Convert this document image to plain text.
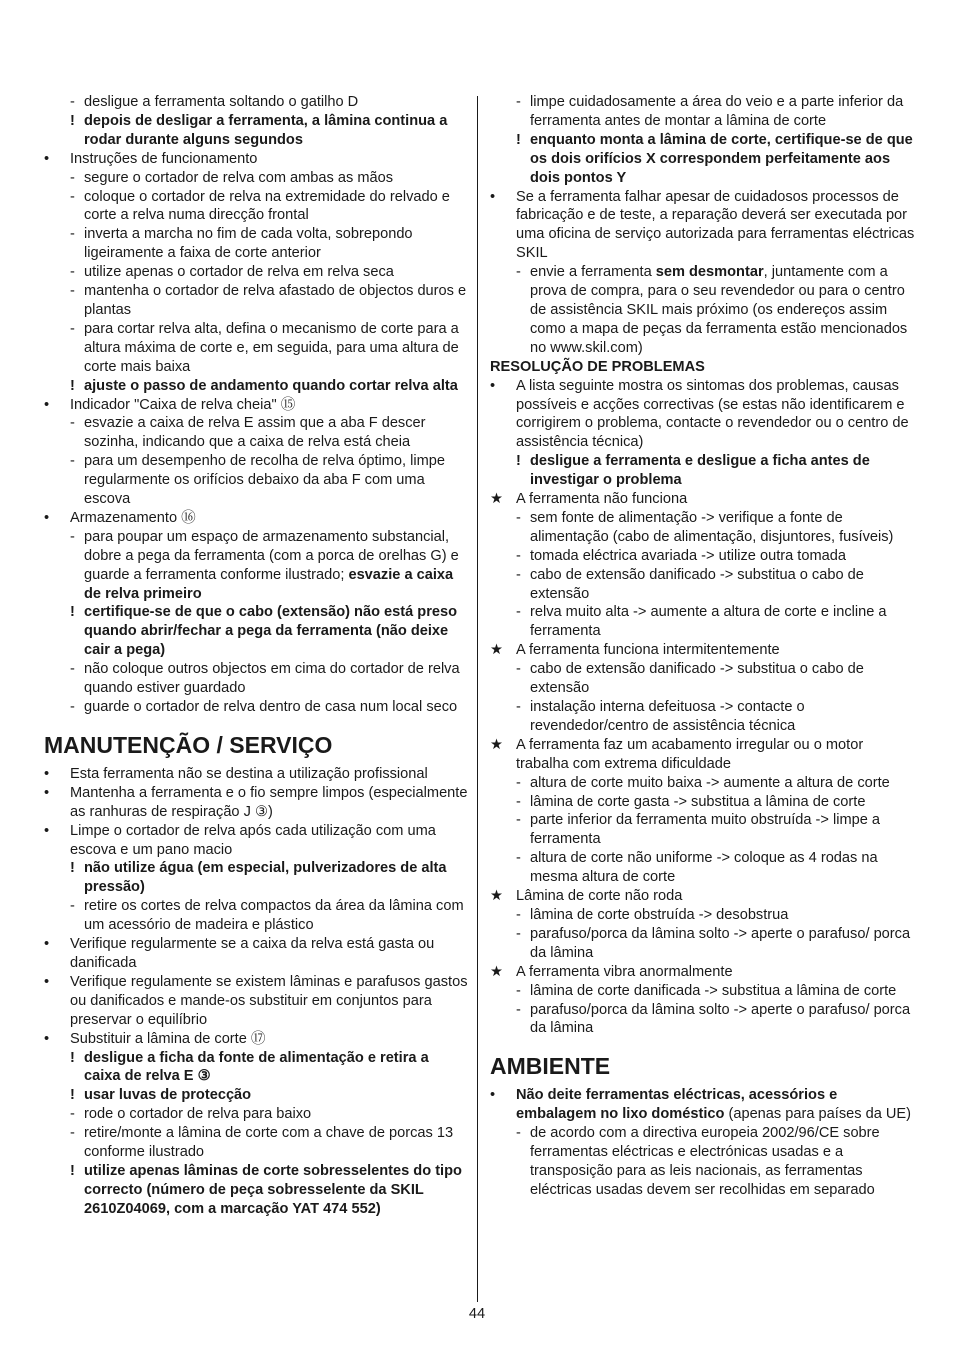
- desligue a ferramenta soltando o gatilho D
! depois de desligar a ferramenta, a lâmina continua a rodar durante alguns segundos
• Instruções de funcionamento
- segure o cortador de relva com ambas as mãos
- coloque o cortador de relva na extremidade do relvado e corte a relva numa direcção frontal
- inverta a marcha no fim de cada volta, sobrepondo ligeiramente a faixa de corte anterior
- utilize apenas o cortador de relva em relva seca
- mantenha o cortador de relva afastado de objectos duros e plantas
- para cortar relva alta, defina o mecanismo de corte para a altura máxima de corte e, em seguida, para uma altura de corte mais baixa
! ajuste o passo de andamento quando cortar relva alta
• Indicador "Caixa de relva cheia" ⑮
- esvazie a caixa de relva E assim que a aba F descer sozinha, indicando que a caixa de relva está cheia
- para um desempenho de recolha de relva óptimo, limpe regularmente os orifícios debaixo da aba F com uma escova
• Armazenamento ⑯
- para poupar um espaço de armazenamento substancial, dobre a pega da ferramenta (com a porca de orelhas G) e guarde a ferramenta conforme ilustrado; esvazie a caixa de relva primeiro
! certifique-se de que o cabo (extensão) não está preso quando abrir/fechar a pega da ferramenta (não deixe cair a pega)
- não coloque outros objectos em cima do cortador de relva quando estiver guardado
- guarde o cortador de relva dentro de casa num local seco
MANUTENÇÃO / SERVIÇO
• Esta ferramenta não se destina a utilização profissional
• Mantenha a ferramenta e o fio sempre limpos (especialmente as ranhuras de respiração J ③)
• Limpe o cortador de relva após cada utilização com uma escova e um pano macio
! não utilize água (em especial, pulverizadores de alta pressão)
- retire os cortes de relva compactos da área da lâmina com um acessório de madeira e plástico
• Verifique regularmente se a caixa da relva está gasta ou danificada
• Verifique regulamente se existem lâminas e parafusos gastos ou danificados e mande-os substituir em conjuntos para preservar o equilíbrio
• Substituir a lâmina de corte ⑰
! desligue a ficha da fonte de alimentação e retira a caixa de relva E ③
! usar luvas de protecção
- rode o cortador de relva para baixo
- retire/monte a lâmina de corte com a chave de porcas 13 conforme ilustrado
! utilize apenas lâminas de corte sobresselentes do tipo correcto (número de peça sobresselente da SKIL 2610Z04069, com a marcação YAT 474 552)
- limpe cuidadosamente a área do veio e a parte inferior da ferramenta antes de montar a lâmina de corte
! enquanto monta a lâmina de corte, certifique-se de que os dois orifícios X correspondem perfeitamente aos dois pontos Y
• Se a ferramenta falhar apesar de cuidadosos processos de fabricação e de teste, a reparação deverá ser executada por uma oficina de serviço autorizada para ferramentas eléctricas SKIL
- envie a ferramenta sem desmontar, juntamente com a prova de compra, para o seu revendedor ou para o centro de assistência SKIL mais próximo (os endereços assim como a mapa de peças da ferramenta estão mencionados no www.skil.com)
RESOLUÇÃO DE PROBLEMAS
• A lista seguinte mostra os sintomas dos problemas, causas possíveis e acções correctivas (se estas não identificarem e corrigirem o problema, contacte o revendedor ou o centro de assistência técnica)
! desligue a ferramenta e desligue a ficha antes de investigar o problema
★ A ferramenta não funciona
- sem fonte de alimentação -> verifique a fonte de alimentação (cabo de alimentação, disjuntores, fusíveis)
- tomada eléctrica avariada -> utilize outra tomada
- cabo de extensão danificado -> substitua o cabo de extensão
- relva muito alta -> aumente a altura de corte e incline a ferramenta
★ A ferramenta funciona intermitentemente
- cabo de extensão danificado -> substitua o cabo de extensão
- instalação interna defeituosa -> contacte o revendedor/centro de assistência técnica
★ A ferramenta faz um acabamento irregular ou o motor trabalha com extrema dificuldade
- altura de corte muito baixa -> aumente a altura de corte
- lâmina de corte gasta -> substitua a lâmina de corte
- parte inferior da ferramenta muito obstruída -> limpe a ferramenta
- altura de corte não uniforme -> coloque as 4 rodas na mesma altura de corte
★ Lâmina de corte não roda
- lâmina de corte obstruída -> desobstrua
- parafuso/porca da lâmina solto -> aperte o parafuso/ porca da lâmina
★ A ferramenta vibra anormalmente
- lâmina de corte danificada -> substitua a lâmina de corte
- parafuso/porca da lâmina solto -> aperte o parafuso/ porca da lâmina
AMBIENTE
• Não deite ferramentas eléctricas, acessórios e embalagem no lixo doméstico (apenas para países da UE)
- de acordo com a directiva europeia 2002/96/CE sobre ferramentas eléctricas e electrónicas usadas e a transposição para as leis nacionais, as ferramentas eléctricas usadas devem ser recolhidas em separado
44
